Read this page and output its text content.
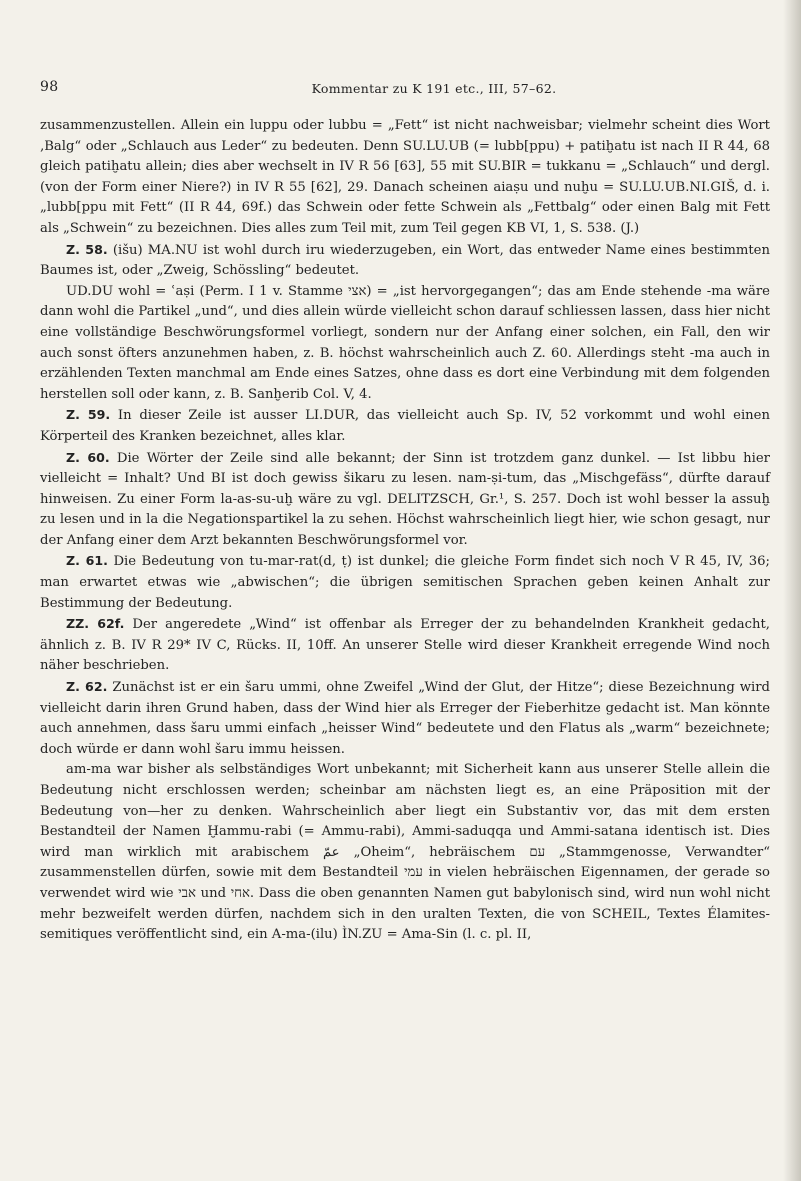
98	Kommentar zu K 191 etc., III, 57–62.

zusammenzustellen. Allein ein luppu oder lubbu = „Fett“ ist nicht nachweisbar; vielmehr scheint dies Wort ‚Balg“ oder „Schlauch aus Leder“ zu bedeuten. Denn SU.LU.UB (= lubb[ppu) + patiḫatu ist nach II R 44, 68 gleich patiḫatu allein; dies aber wechselt in IV R 56 [63], 55 mit SU.BIR = tukkanu = „Schlauch“ und dergl. (von der Form einer Niere?) in IV R 55 [62], 29. Danach scheinen aiaṣu und nuḫu = SU.LU.UB.NI.GIŠ, d. i. „lubb[ppu mit Fett“ (II R 44, 69f.) das Schwein oder fette Schwein als „Fettbalg“ oder einen Balg mit Fett als „Schwein“ zu bezeichnen. Dies alles zum Teil mit, zum Teil gegen KB VI, 1, S. 538. (J.)

Z. 58. (išu) MA.NU ist wohl durch iru wiederzugeben, ein Wort, das entweder Name eines bestimmten Baumes ist, oder „Zweig, Schössling“ bedeutet.

UD.DU wohl = ʿaṣi (Perm. I 1 v. Stamme אצי) = „ist hervorgegangen“; das am Ende stehende -ma wäre dann wohl die Partikel „und“, und dies allein würde vielleicht schon darauf schliessen lassen, dass hier nicht eine vollständige Beschwörungsformel vorliegt, sondern nur der Anfang einer solchen, ein Fall, den wir auch sonst öfters anzunehmen haben, z. B. höchst wahrscheinlich auch Z. 60. Allerdings steht -ma auch in erzählenden Texten manchmal am Ende eines Satzes, ohne dass es dort eine Verbindung mit dem folgenden herstellen soll oder kann, z. B. Sanḫerib Col. V, 4.

Z. 59. In dieser Zeile ist ausser LI.DUR, das vielleicht auch Sp. IV, 52 vorkommt und wohl einen Körperteil des Kranken bezeichnet, alles klar.

Z. 60. Die Wörter der Zeile sind alle bekannt; der Sinn ist trotzdem ganz dunkel. — Ist libbu hier vielleicht = Inhalt? Und BI ist doch gewiss šikaru zu lesen. nam-ṣi-tum, das „Mischgefäss“, dürfte darauf hinweisen. Zu einer Form la-as-su-uḫ wäre zu vgl. DELITZSCH, Gr.¹, S. 257. Doch ist wohl besser la assuḫ zu lesen und in la die Negationspartikel la zu sehen. Höchst wahrscheinlich liegt hier, wie schon gesagt, nur der Anfang einer dem Arzt bekannten Beschwörungsformel vor.

Z. 61. Die Bedeutung von tu-mar-rat(d, ṭ) ist dunkel; die gleiche Form findet sich noch V R 45, IV, 36; man erwartet etwas wie „abwischen“; die übrigen semitischen Sprachen geben keinen Anhalt zur Bestimmung der Bedeutung.

ZZ. 62f. Der angeredete „Wind“ ist offenbar als Erreger der zu behandelnden Krankheit gedacht, ähnlich z. B. IV R 29* IV C, Rücks. II, 10ff. An unserer Stelle wird dieser Krankheit erregende Wind noch näher beschrieben.

Z. 62. Zunächst ist er ein šaru ummi, ohne Zweifel „Wind der Glut, der Hitze“; diese Bezeichnung wird vielleicht darin ihren Grund haben, dass der Wind hier als Erreger der Fieberhitze gedacht ist. Man könnte auch annehmen, dass šaru ummi einfach „heisser Wind“ bedeutete und den Flatus als „warm“ bezeichnete; doch würde er dann wohl šaru immu heissen.

am-ma war bisher als selbständiges Wort unbekannt; mit Sicherheit kann aus unserer Stelle allein die Bedeutung nicht erschlossen werden; scheinbar am nächsten liegt es, an eine Präposition mit der Bedeutung von—her zu denken. Wahrscheinlich aber liegt ein Substantiv vor, das mit dem ersten Bestandteil der Namen Ḫammu-rabi (= Ammu-rabi), Ammi-saduqqa und Ammi-satana identisch ist. Dies wird man wirklich mit arabischem عمّ „Oheim“, hebräischem עם „Stammgenosse, Verwandter“ zusammenstellen dürfen, sowie mit dem Bestandteil עמי in vielen hebräischen Eigennamen, der gerade so verwendet wird wie אבי und אחי. Dass die oben genannten Namen gut babylonisch sind, wird nun wohl nicht mehr bezweifelt werden dürfen, nachdem sich in den uralten Texten, die von SCHEIL, Textes Élamites-semitiques veröffentlicht sind, ein A-ma-(ilu) ÌN.ZU = Ama-Sin (l. c. pl. II,
